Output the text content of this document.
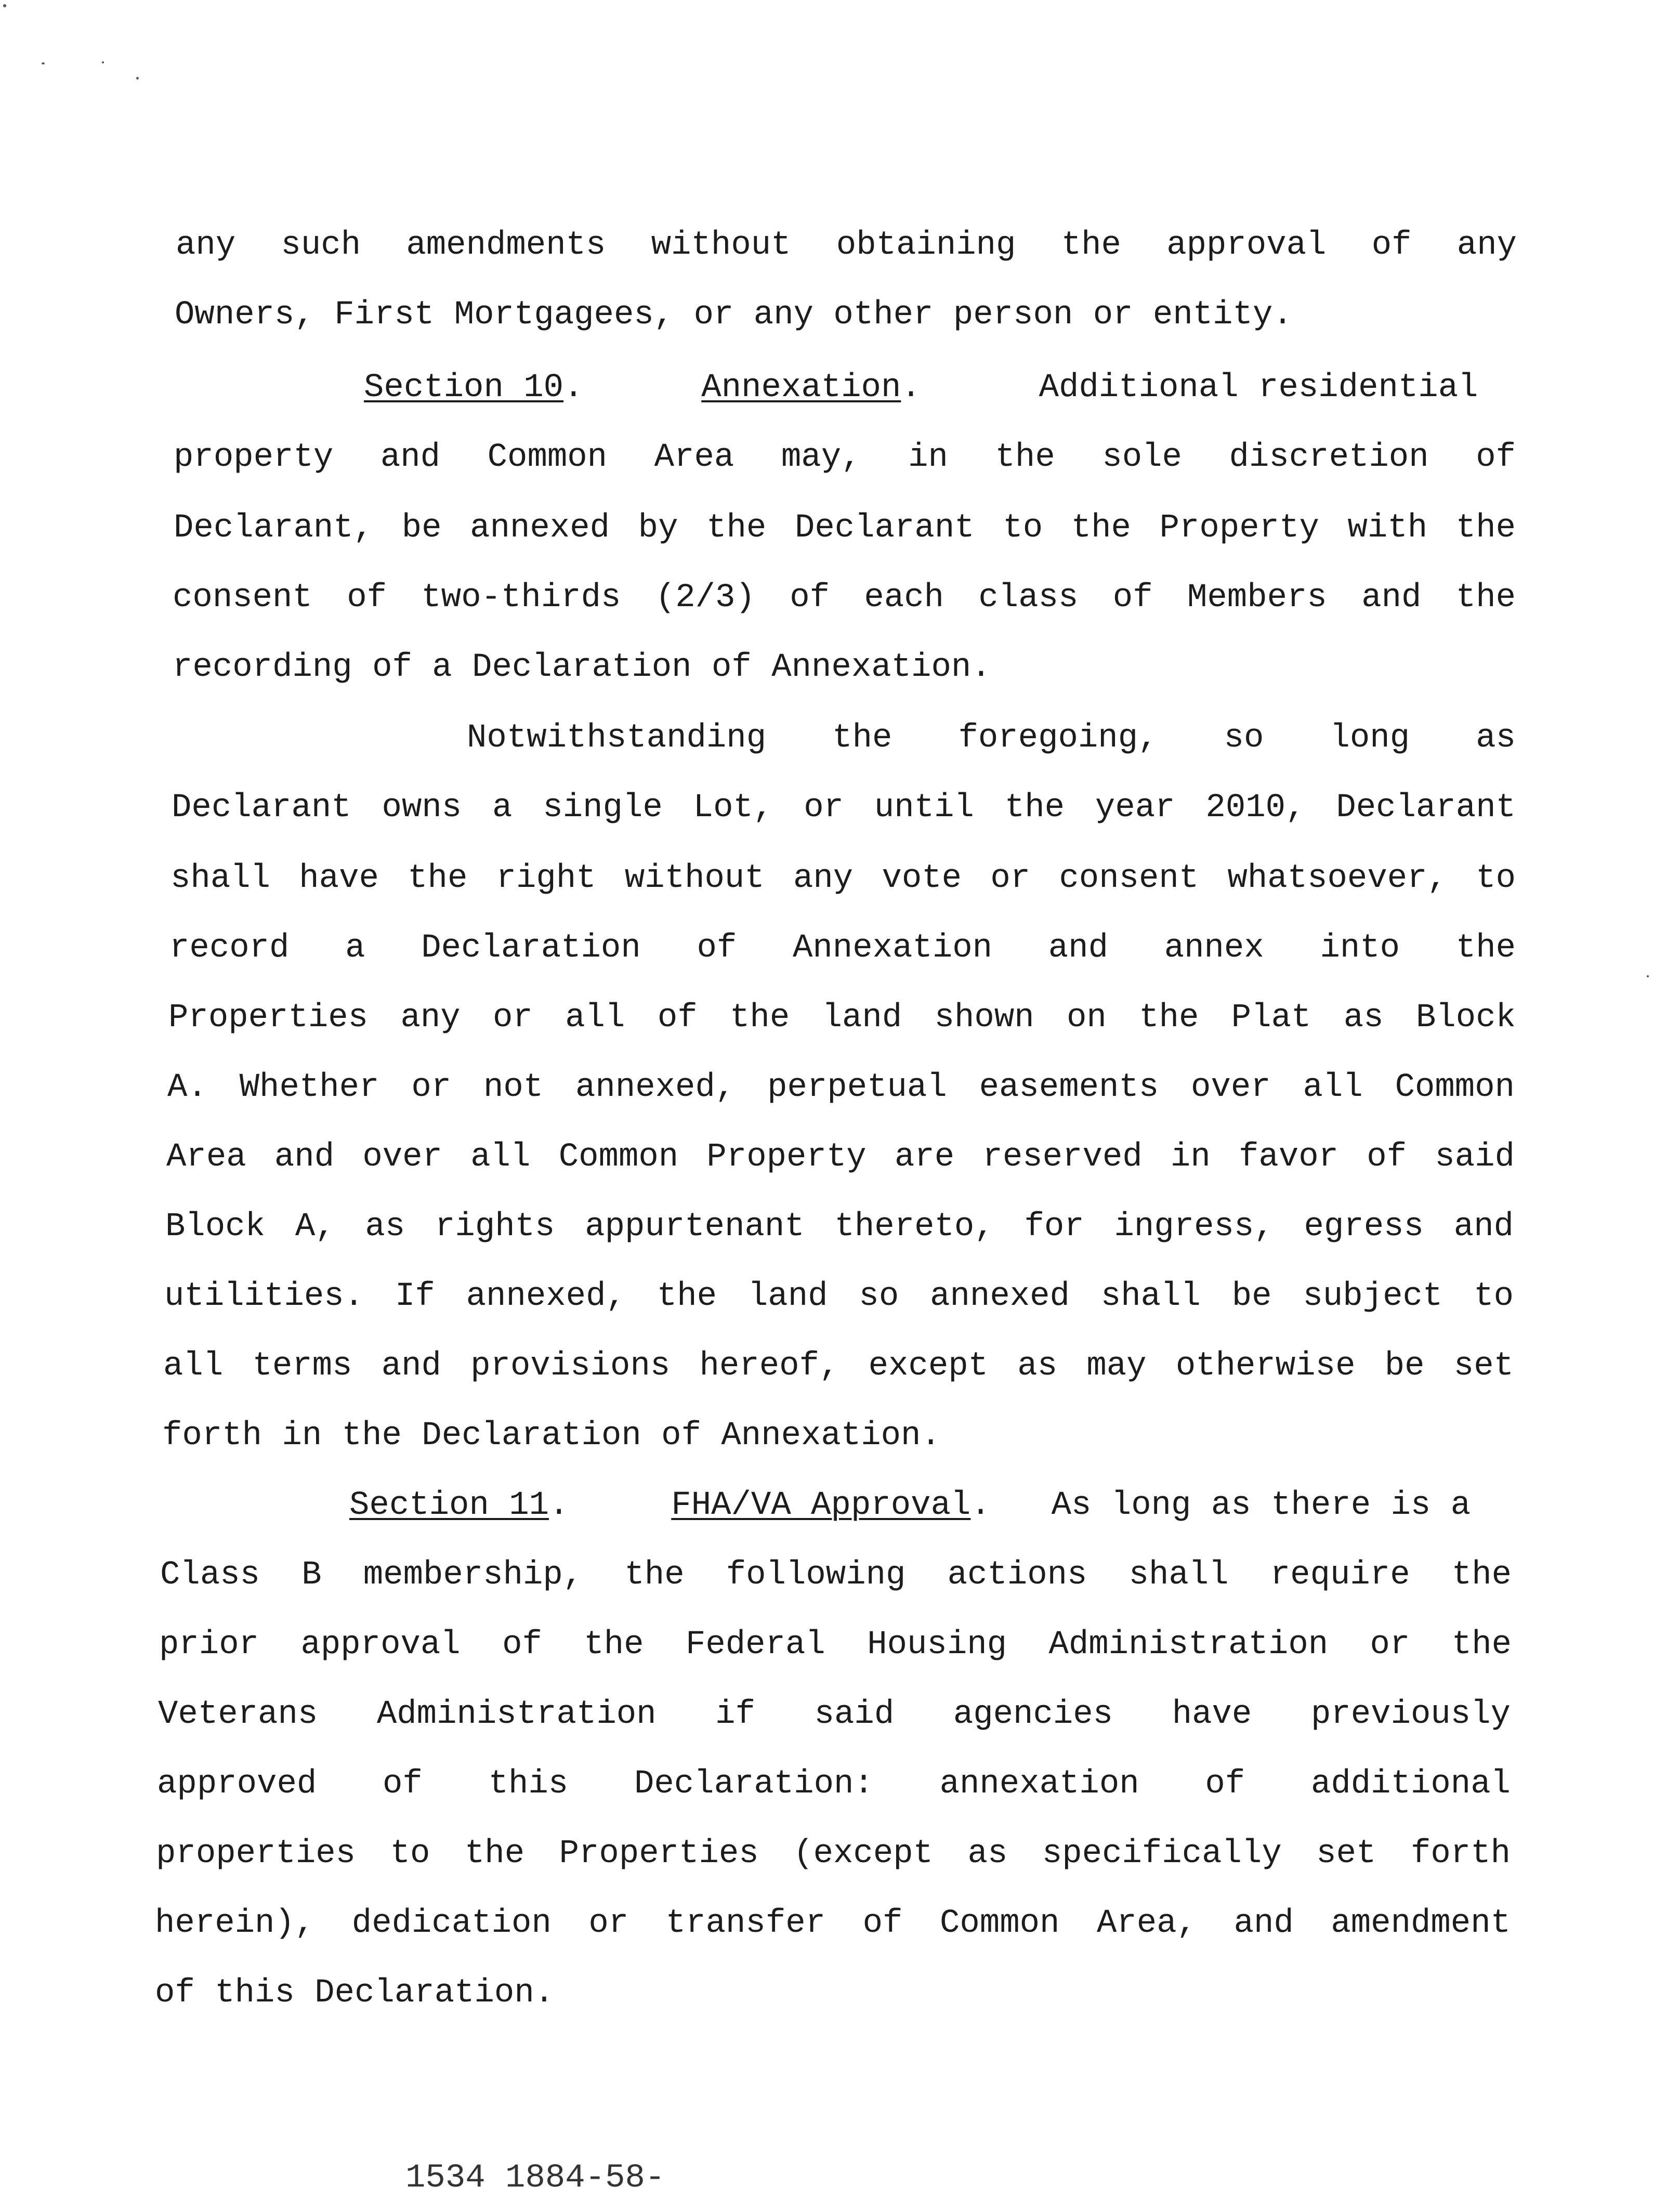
any such amendments without obtaining the approval of any
Owners, First Mortgagees, or any other person or entity.
Section 10.	Annexation.	Additional residential
property and Common Area may, in the sole discretion of
Declarant, be annexed by the Declarant to the Property with the
consent of two-thirds (2/3) of each class of Members and the
recording of a Declaration of Annexation.
Notwithstanding the foregoing, so long as
Declarant owns a single Lot, or until the year 2010, Declarant
shall have the right without any vote or consent whatsoever, to
record a Declaration of Annexation and annex into the
Properties any or all of the land shown on the Plat as Block
A. Whether or not annexed, perpetual easements over all Common
Area and over all Common Property are reserved in favor of said
Block A, as rights appurtenant thereto, for ingress, egress and
utilities. If annexed, the land so annexed shall be subject to
all terms and provisions hereof, except as may otherwise be set
forth in the Declaration of Annexation.
Section 11.  FHA/VA Approval.  As long as there is a
Class B membership, the following actions shall require the
prior approval of the Federal Housing Administration or the
Veterans Administration if said agencies have previously
approved of this Declaration: annexation of additional
properties to the Properties (except as specifically set forth
herein), dedication or transfer of Common Area, and amendment
of this Declaration.
1534 1884-58-
